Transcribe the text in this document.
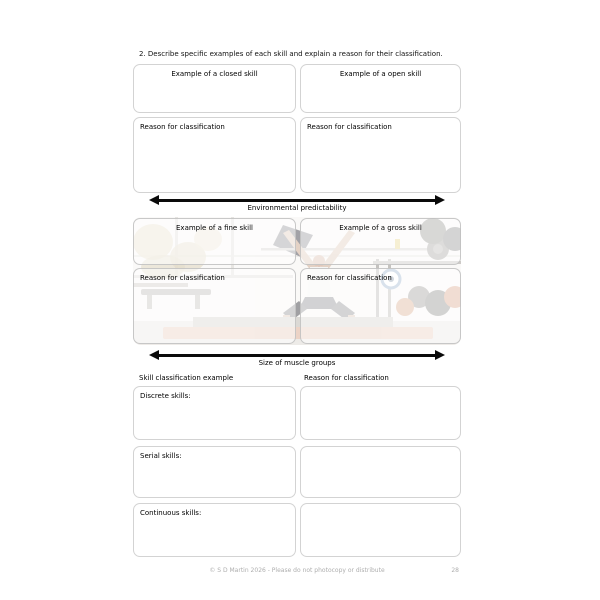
2. Describe specific examples of each skill and explain a reason for their classification.
Example of a closed skill	Example of a open skill
Reason for classification	Reason for classification
Environmental predictability
Example of a fine skill	Example of a gross skill
Reason for classification	Reason for classification
Size of muscle groups
Skill classification example	Reason for classification
Discrete skills:
Serial skills:
Continuous skills:
© S D Martin 2026 - Please do not photocopy or distribute	28
